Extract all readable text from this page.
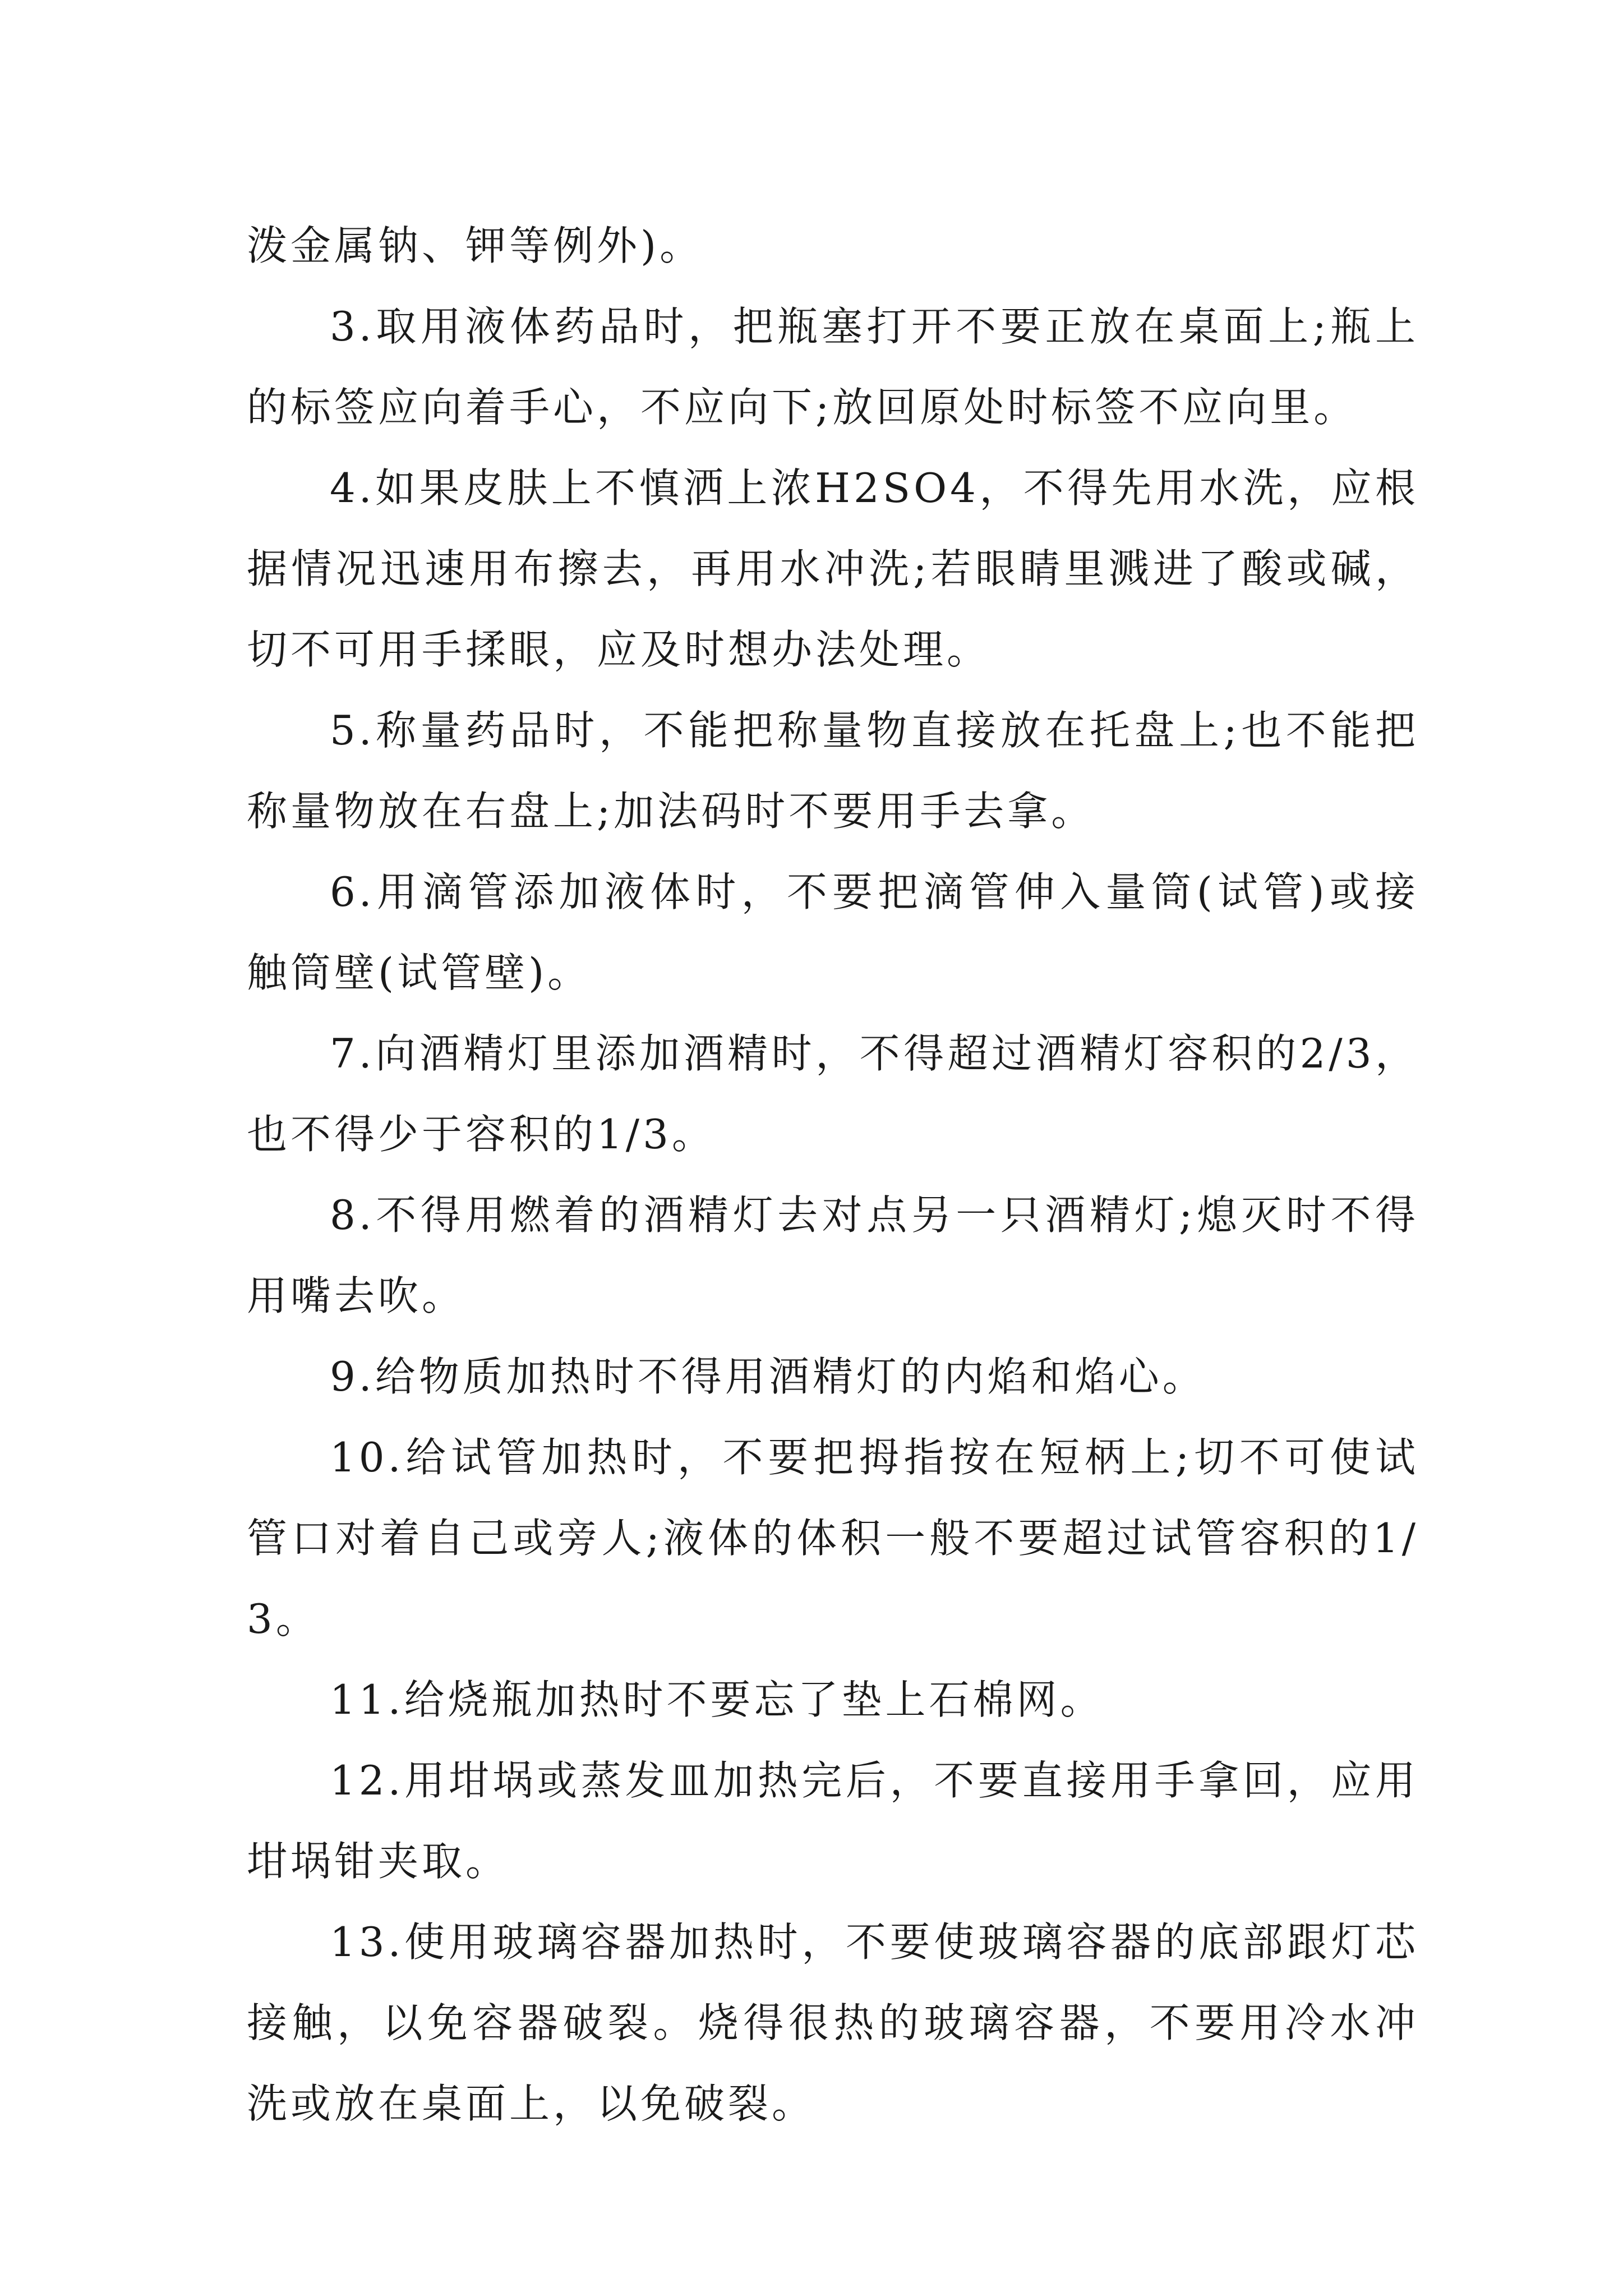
泼金属钠、钾等例外)。

3.取用液体药品时，把瓶塞打开不要正放在桌面上;瓶上的标签应向着手心，不应向下;放回原处时标签不应向里。

4.如果皮肤上不慎洒上浓H2SO4，不得先用水洗，应根据情况迅速用布擦去，再用水冲洗;若眼睛里溅进了酸或碱，切不可用手揉眼，应及时想办法处理。

5.称量药品时，不能把称量物直接放在托盘上;也不能把称量物放在右盘上;加法码时不要用手去拿。

6.用滴管添加液体时，不要把滴管伸入量筒(试管)或接触筒壁(试管壁)。

7.向酒精灯里添加酒精时，不得超过酒精灯容积的2/3，也不得少于容积的1/3。

8.不得用燃着的酒精灯去对点另一只酒精灯;熄灭时不得用嘴去吹。

9.给物质加热时不得用酒精灯的内焰和焰心。

10.给试管加热时，不要把拇指按在短柄上;切不可使试管口对着自己或旁人;液体的体积一般不要超过试管容积的1/3。

11.给烧瓶加热时不要忘了垫上石棉网。

12.用坩埚或蒸发皿加热完后，不要直接用手拿回，应用坩埚钳夹取。

13.使用玻璃容器加热时，不要使玻璃容器的底部跟灯芯接触，以免容器破裂。烧得很热的玻璃容器，不要用冷水冲洗或放在桌面上，以免破裂。
